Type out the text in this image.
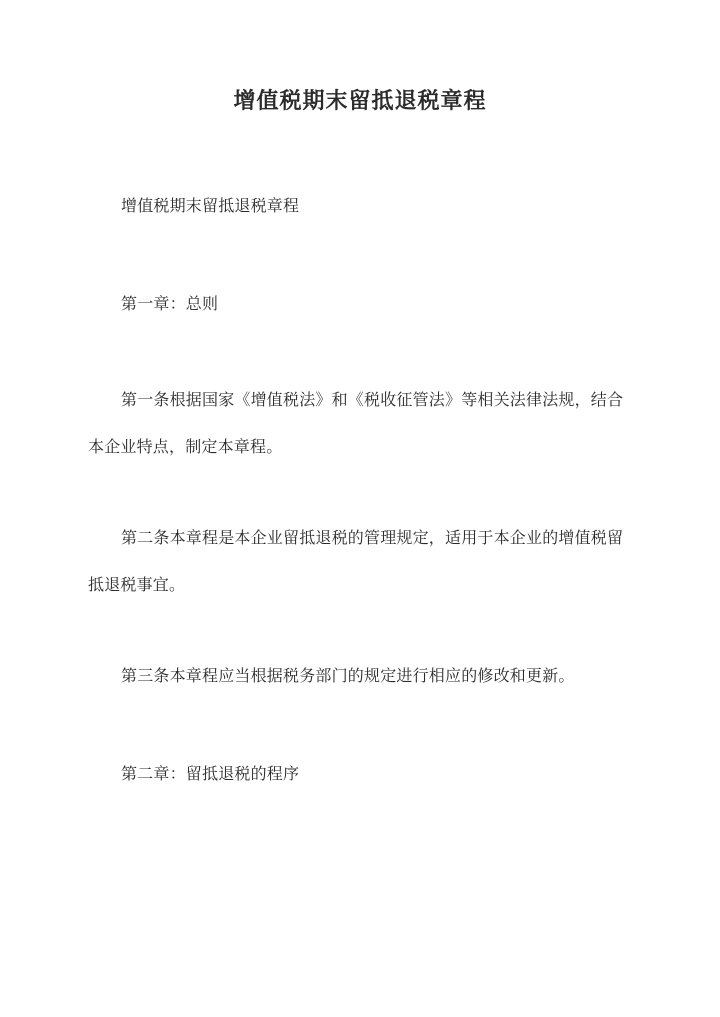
增值税期末留抵退税章程

增值税期末留抵退税章程

第一章：总则

第一条根据国家《增值税法》和《税收征管法》等相关法律法规，结合本企业特点，制定本章程。

第二条本章程是本企业留抵退税的管理规定，适用于本企业的增值税留抵退税事宜。

第三条本章程应当根据税务部门的规定进行相应的修改和更新。

第二章：留抵退税的程序
